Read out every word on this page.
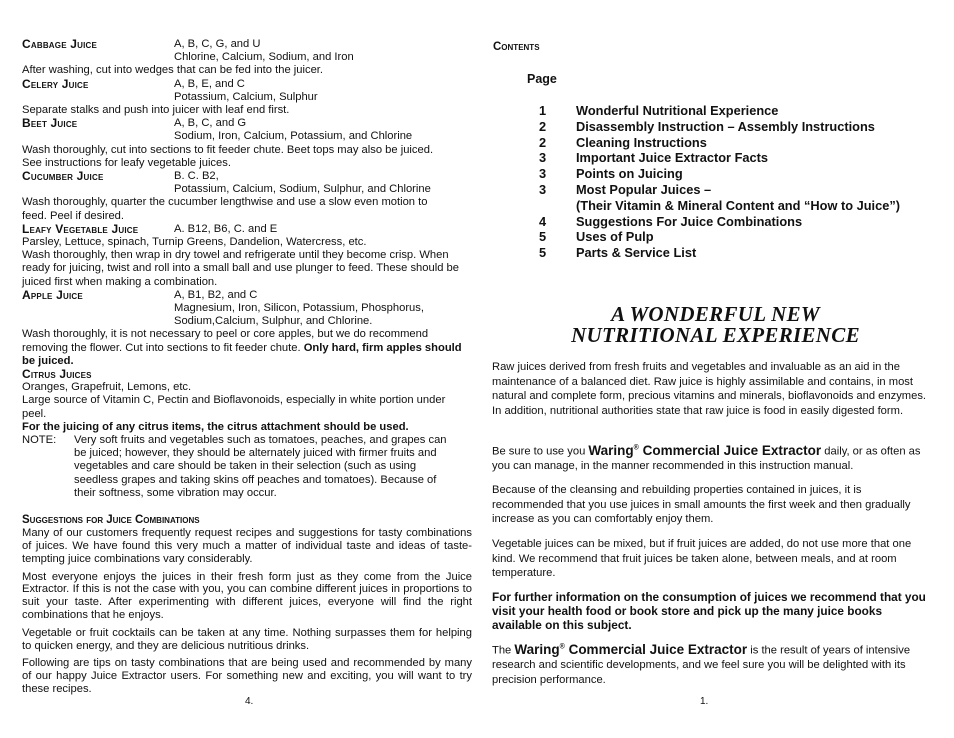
Cabbage Juice	A, B, C, G, and U
Chlorine, Calcium, Sodium, and Iron
After washing, cut into wedges that can be fed into the juicer.
Celery Juice	A, B, E, and C
Potassium, Calcium, Sulphur
Separate stalks and push into juicer with leaf end first.
Beet Juice	A, B, C, and G
Sodium, Iron, Calcium, Potassium, and Chlorine
Wash thoroughly, cut into sections to fit feeder chute. Beet tops may also be juiced. See instructions for leafy vegetable juices.
Cucumber Juice	B. C. B2,
Potassium, Calcium, Sodium, Sulphur, and Chlorine
Wash thoroughly, quarter the cucumber lengthwise and use a slow even motion to feed. Peel if desired.
Leafy Vegetable Juice	A. B12, B6, C. and E
Parsley, Lettuce, spinach, Turnip Greens, Dandelion, Watercress, etc.
Wash thoroughly, then wrap in dry towel and refrigerate until they become crisp. When ready for juicing, twist and roll into a small ball and use plunger to feed. These should be juiced first when making a combination.
Apple Juice	A, B1, B2, and C
Magnesium, Iron, Silicon, Potassium, Phosphorus,
Sodium,Calcium, Sulphur, and Chlorine.
Wash thoroughly, it is not necessary to peel or core apples, but we do recommend removing the flower. Cut into sections to fit feeder chute. Only hard, firm apples should be juiced.
Citrus Juices
Oranges, Grapefruit, Lemons, etc.
Large source of Vitamin C, Pectin and Bioflavonoids, especially in white portion under peel.
For the juicing of any citrus items, the citrus attachment should be used.
NOTE: Very soft fruits and vegetables such as tomatoes, peaches, and grapes can be juiced; however, they should be alternately juiced with firmer fruits and vegetables and care should be taken in their selection (such as using seedless grapes and taking skins off peaches and tomatoes). Because of their softness, some vibration may occur.
Suggestions for Juice Combinations
Many of our customers frequently request recipes and suggestions for tasty combinations of juices. We have found this very much a matter of individual taste and ideas of taste-tempting juice combinations vary considerably.
Most everyone enjoys the juices in their fresh form just as they come from the Juice Extractor. If this is not the case with you, you can combine different juices in proportions to suit your taste. After experimenting with different juices, everyone will find the right combinations that he enjoys.
Vegetable or fruit cocktails can be taken at any time. Nothing surpasses them for helping to quicken energy, and they are delicious nutritious drinks.
Following are tips on tasty combinations that are being used and recommended by many of our happy Juice Extractor users. For something new and exciting, you will want to try these recipes.
4.
Contents
Page
1 Wonderful Nutritional Experience
2 Disassembly Instruction – Assembly Instructions
2 Cleaning Instructions
3 Important Juice Extractor Facts
3 Points on Juicing
3 Most Popular Juices –
(Their Vitamin & Mineral Content and “How to Juice”)
4 Suggestions For Juice Combinations
5 Uses of Pulp
5 Parts & Service List
A WONDERFUL NEW
NUTRITIONAL EXPERIENCE
Raw juices derived from fresh fruits and vegetables and invaluable as an aid in the maintenance of a balanced diet. Raw juice is highly assimilable and contains, in most natural and complete form, precious vitamins and minerals, bioflavonoids and enzymes. In addition, nutritional authorities state that raw juice is food in easily digested form.
Be sure to use you Waring® Commercial Juice Extractor daily, or as often as you can manage, in the manner recommended in this instruction manual.
Because of the cleansing and rebuilding properties contained in juices, it is recommended that you use juices in small amounts the first week and then gradually increase as you can comfortably enjoy them.
Vegetable juices can be mixed, but if fruit juices are added, do not use more that one kind. We recommend that fruit juices be taken alone, between meals, and at room temperature.
For further information on the consumption of juices we recommend that you visit your health food or book store and pick up the many juice books available on this subject.
The Waring® Commercial Juice Extractor is the result of years of intensive research and scientific developments, and we feel sure you will be delighted with its precision performance.
1.
